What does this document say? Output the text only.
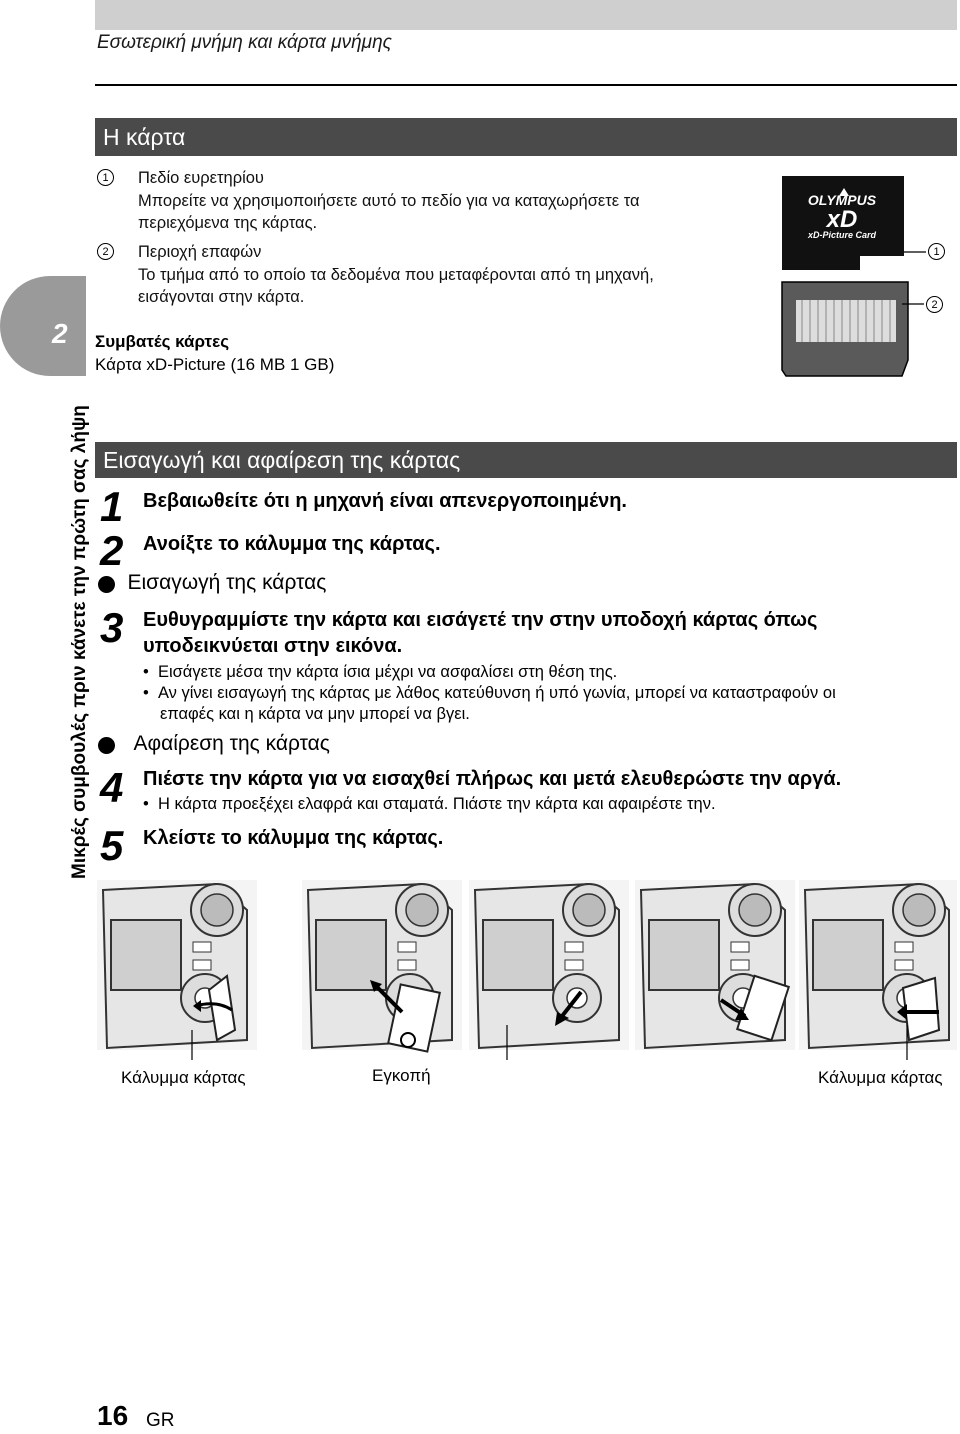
Εσωτερική μνήμη και κάρτα μνήμης
2
Μικρές συμβουλές πριν κάνετε την πρώτη σας λήψη
Η κάρτα
1	Πεδίο ευρετηρίου
Μπορείτε να χρησιμοποιήσετε αυτό το πεδίο για να καταχωρήσετε τα
περιεχόμενα της κάρτας.
2	Περιοχή επαφών
Το τμήμα από το οποίο τα δεδομένα που μεταφέρονται από τη μηχανή,
εισάγονται στην κάρτα.
Συμβατές κάρτες
Κάρτα xD-Picture (16 MB 1 GB)
OLYMPUS
xD
xD-Picture Card
1
2
Εισαγωγή και αφαίρεση της κάρτας
1 Βεβαιωθείτε ότι η μηχανή είναι απενεργοποιημένη.
2 Ανοίξτε το κάλυμμα της κάρτας.
Εισαγωγή της κάρτας
3 Ευθυγραμμίστε την κάρτα και εισάγετέ την στην υποδοχή κάρτας όπως
υποδεικνύεται στην εικόνα.
• Εισάγετε μέσα την κάρτα ίσια μέχρι να ασφαλίσει στη θέση της.
• Αν γίνει εισαγωγή της κάρτας με λάθος κατεύθυνση ή υπό γωνία, μπορεί να καταστραφούν οι
επαφές και η κάρτα να μην μπορεί να βγει.
Αφαίρεση της κάρτας
4 Πιέστε την κάρτα για να εισαχθεί πλήρως και μετά ελευθερώστε την αργά.
• Η κάρτα προεξέχει ελαφρά και σταματά. Πιάστε την κάρτα και αφαιρέστε την.
5 Κλείστε το κάλυμμα της κάρτας.
Κάλυμμα κάρτας	Εγκοπή	Κάλυμμα κάρτας
16 GR
